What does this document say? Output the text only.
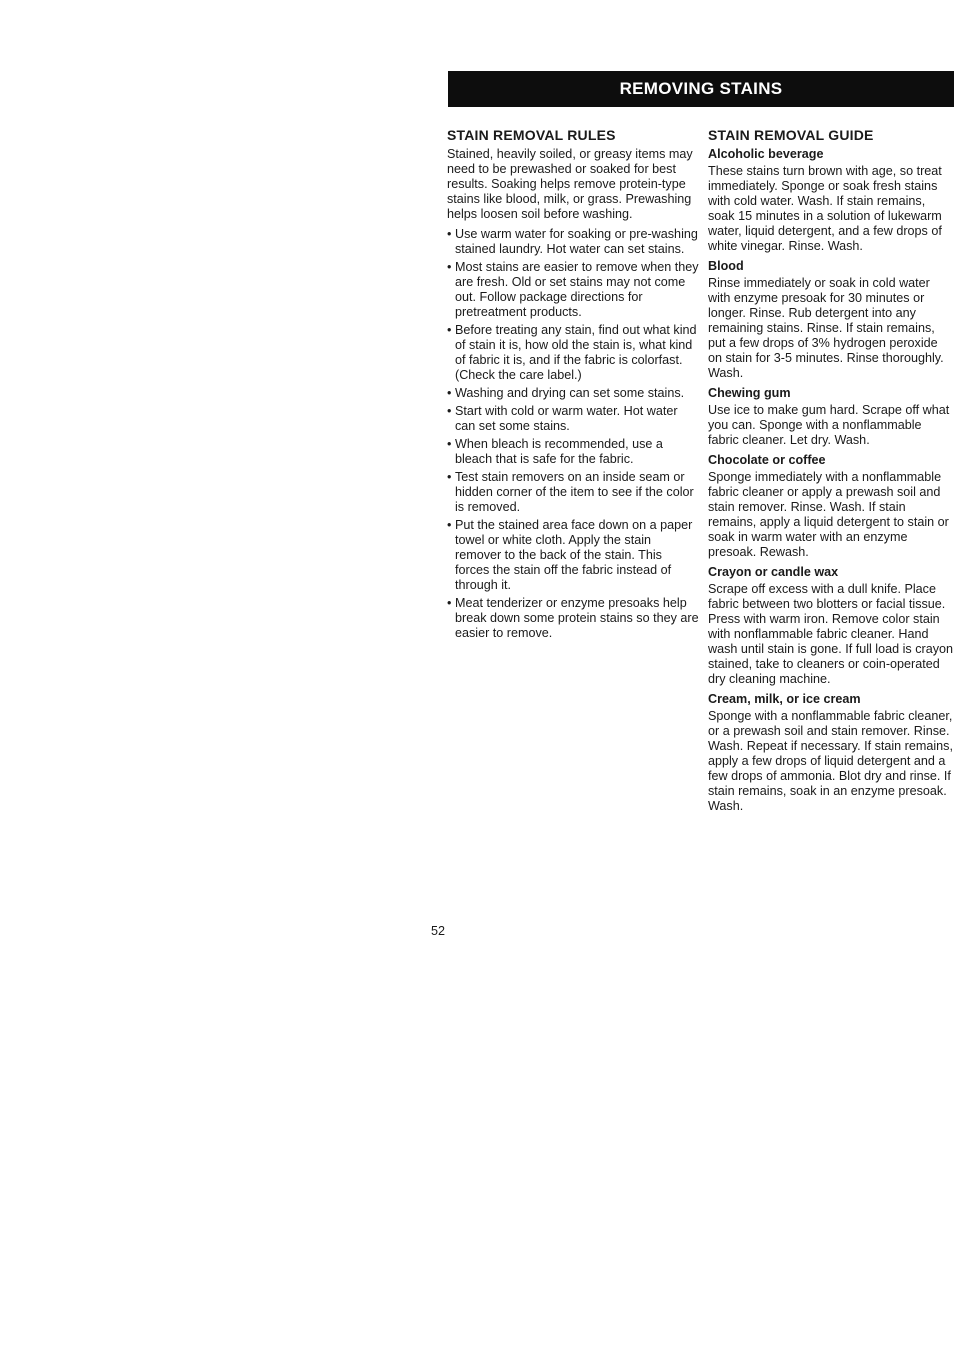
REMOVING STAINS
STAIN REMOVAL RULES

Stained, heavily soiled, or greasy items may need to be prewashed or soaked for best results. Soaking helps remove protein-type stains like blood, milk, or grass. Prewashing helps loosen soil before washing.

• Use warm water for soaking or pre-washing stained laundry. Hot water can set stains.
• Most stains are easier to remove when they are fresh. Old or set stains may not come out. Follow package directions for pretreatment products.
• Before treating any stain, find out what kind of stain it is, how old the stain is, what kind of fabric it is, and if the fabric is colorfast. (Check the care label.)
• Washing and drying can set some stains.
• Start with cold or warm water. Hot water can set some stains.
• When bleach is recommended, use a bleach that is safe for the fabric.
• Test stain removers on an inside seam or hidden corner of the item to see if the color is removed.
• Put the stained area face down on a paper towel or white cloth. Apply the stain remover to the back of the stain. This forces the stain off the fabric instead of through it.
• Meat tenderizer or enzyme presoaks help break down some protein stains so they are easier to remove.
STAIN REMOVAL GUIDE
Alcoholic beverage

These stains turn brown with age, so treat immediately. Sponge or soak fresh stains with cold water. Wash. If stain remains, soak 15 minutes in a solution of lukewarm water, liquid detergent, and a few drops of white vinegar. Rinse. Wash.

Blood

Rinse immediately or soak in cold water with enzyme presoak for 30 minutes or longer. Rinse. Rub detergent into any remaining stains. Rinse. If stain remains, put a few drops of 3% hydrogen peroxide on stain for 3-5 minutes. Rinse thoroughly. Wash.

Chewing gum

Use ice to make gum hard. Scrape off what you can. Sponge with a nonflammable fabric cleaner. Let dry. Wash.

Chocolate or coffee

Sponge immediately with a nonflammable fabric cleaner or apply a prewash soil and stain remover. Rinse. Wash. If stain remains, apply a liquid detergent to stain or soak in warm water with an enzyme presoak. Rewash.

Crayon or candle wax

Scrape off excess with a dull knife. Place fabric between two blotters or facial tissue. Press with warm iron. Remove color stain with nonflammable fabric cleaner. Hand wash until stain is gone. If full load is crayon stained, take to cleaners or coin-operated dry cleaning machine.

Cream, milk, or ice cream

Sponge with a nonflammable fabric cleaner, or a prewash soil and stain remover. Rinse. Wash. Repeat if necessary. If stain remains, apply a few drops of liquid detergent and a few drops of ammonia. Blot dry and rinse. If stain remains, soak in an enzyme presoak. Wash.

52
